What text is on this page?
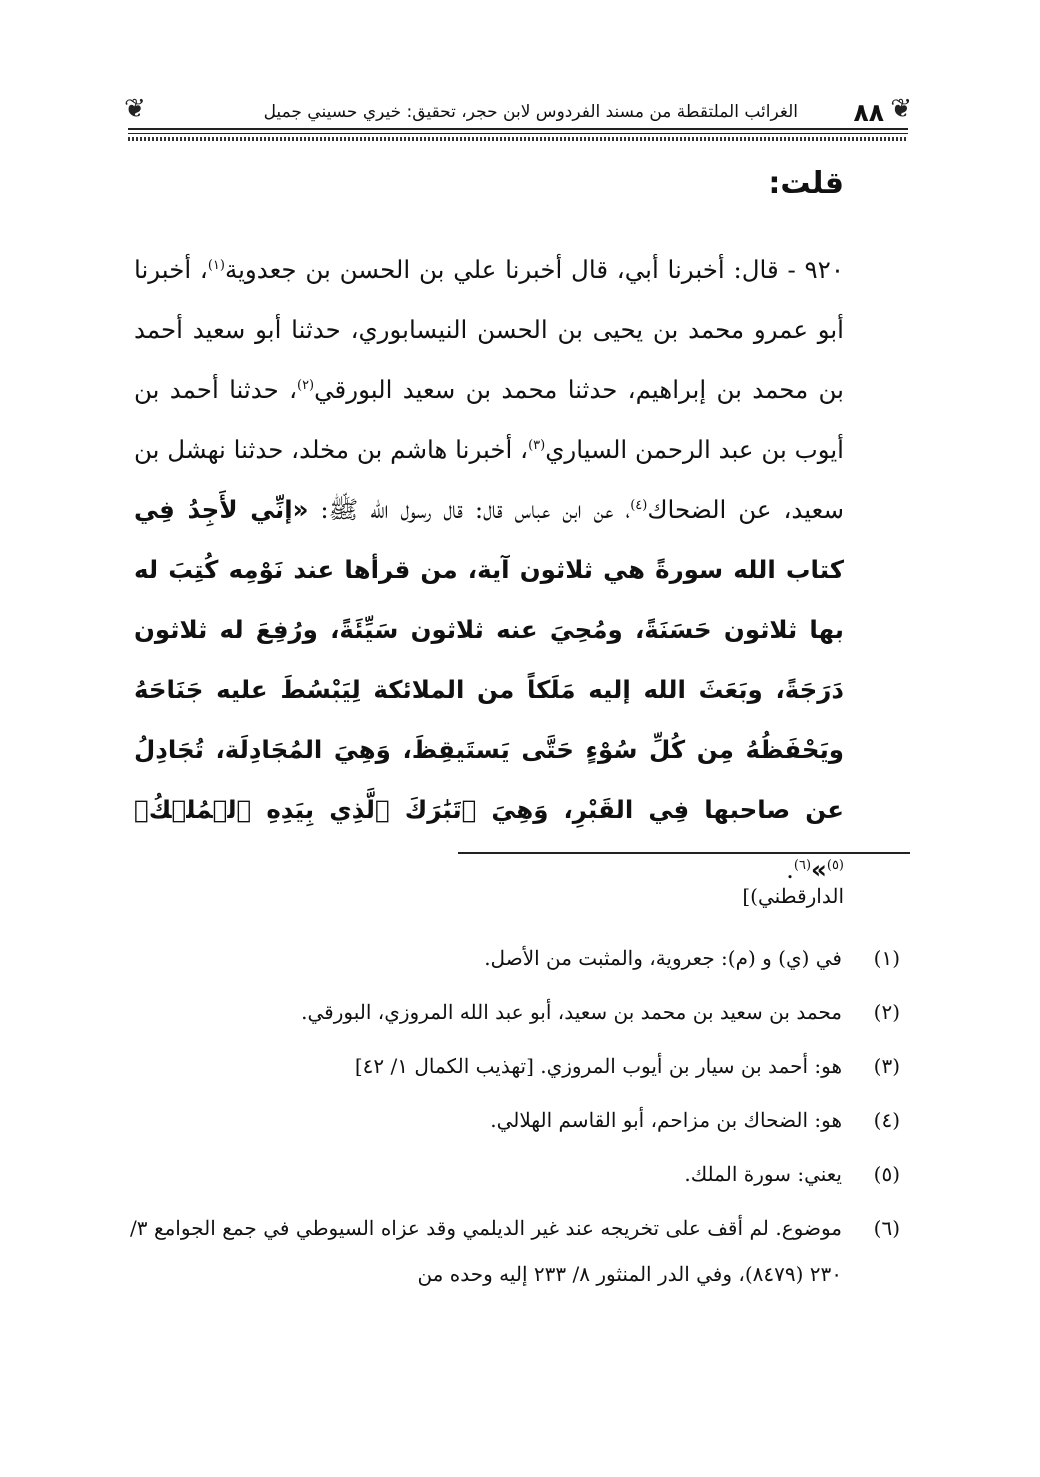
❦
٨٨
الغرائب الملتقطة من مسند الفردوس لابن حجر، تحقيق: خيري حسيني جميل
❦
قلت:
٩٢٠ - قال: أخبرنا أبي، قال أخبرنا علي بن الحسن بن جعدوية$^{(١)}$، أخبرنا أبو عمرو محمد بن يحيى بن الحسن النيسابوري، حدثنا أبو سعيد أحمد بن محمد بن إبراهيم، حدثنا محمد بن سعيد البورقي$^{(٢)}$، حدثنا أحمد بن أيوب بن عبد الرحمن السياري$^{(٣)}$، أخبرنا هاشم بن مخلد، حدثنا نهشل بن سعيد، عن الضحاك$^{(٤)}$، عن ابن عباس قال: قال رسول الله ﷺ: «إنِّي لأَجِدُ فِي كتاب الله سورةً هي ثلاثون آية، من قرأها عند نَوْمِه كُتِبَ له بها ثلاثون حَسَنَةً، ومُحِيَ عنه ثلاثون سَيِّئَةً، ورُفِعَ له ثلاثون دَرَجَةً، وبَعَثَ الله إليه مَلَكاً من الملائكة لِيَبْسُطَ عليه جَنَاحَهُ ويَحْفَظُهُ مِن كُلِّ سُوْءٍ حَتَّى يَستَيقِظَ، وَهِيَ المُجَادِلَة، تُجَادِلُ عن صاحبها فِي القَبْرِ، وَهِيَ ﴿تَبَٰرَكَ ٱلَّذِي بِيَدِهِ ٱلۡمُلۡكُ﴾$^{(٥)}$»$^{(٦)}$.
الدارقطني)]
(١)
في (ي) و (م): جعروية، والمثبت من الأصل.
(٢)
محمد بن سعيد بن محمد بن سعيد، أبو عبد الله المروزي، البورقي.
(٣)
هو: أحمد بن سيار بن أيوب المروزي. [تهذيب الكمال ١/ ٤٢]
(٤)
هو: الضحاك بن مزاحم، أبو القاسم الهلالي.
(٥)
يعني: سورة الملك.
(٦)
موضوع. لم أقف على تخريجه عند غير الديلمي وقد عزاه السيوطي في جمع الجوامع ٣/ ٢٣٠ (٨٤٧٩)، وفي الدر المنثور ٨/ ٢٣٣ إليه وحده من
